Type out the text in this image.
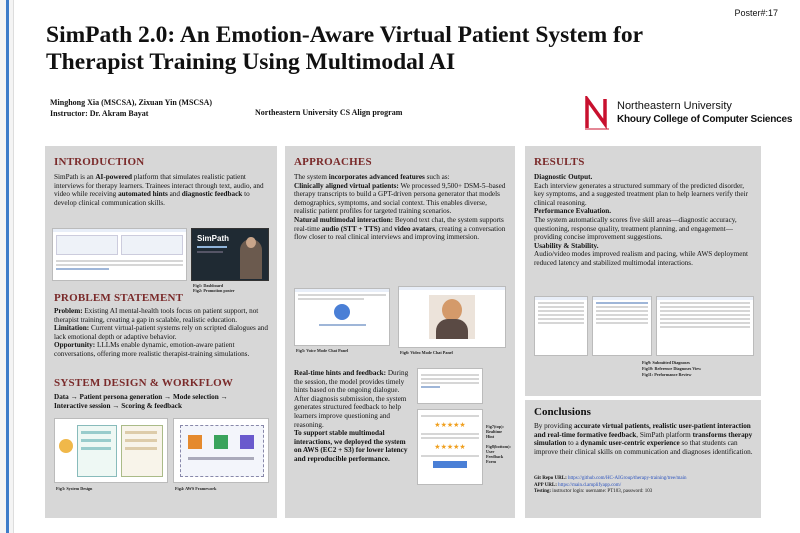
Poster#:17
SimPath 2.0: An Emotion-Aware Virtual Patient System for
Therapist Training Using Multimodal AI
Minghong Xia (MSCSA), Zixuan Yin (MSCSA)
Instructor: Dr. Akram Bayat	Northeastern University CS Align program
Northeastern University
Khoury College of Computer Sciences
INTRODUCTION
SimPath is an AI-powered platform that simulates realistic patient interviews for therapy learners. Trainees interact through text, audio, and video while receiving automated hints and diagnostic feedback to develop clinical communication skills.
SimPath
Fig1: Dashboard
Fig2: Promotion poster
PROBLEM STATEMENT
Problem: Existing AI mental-health tools focus on patient support, not therapist training, creating a gap in scalable, realistic education.
Limitation: Current virtual-patient systems rely on scripted dialogues and lack emotional depth or adaptive behavior.
Opportunity: LLLMs enable dynamic, emotion-aware patient conversations, offering more realistic therapist-training simulations.
SYSTEM DESIGN & WORKFLOW
Data → Patient persona generation → Mode selection →
Interactive session → Scoring & feedback
Fig3: System Design	Fig4: AWS Framework
APPROACHES
The system incorporates advanced features such as:
Clinically aligned virtual patients: We processed 9,500+ DSM-5–based therapy transcripts to build a GPT-driven persona generator that models demographics, symptoms, and social context. This enables diverse, realistic patient profiles for targeted training scenarios.
Natural multimodal interaction: Beyond text chat, the system supports real-time audio (STT + TTS) and video avatars, creating a conversation flow closer to real clinical interviews and improving immersion.
Fig5: Voice Mode Chat Panel	Fig6: Video Mode Chat Panel
Real-time hints and feedback: During the session, the model provides timely hints based on the ongoing dialogue. After diagnosis submission, the system generates structured feedback to help learners improve questioning and reasoning.
To support stable multimodal interactions, we deployed the system on AWS (EC2 + S3) for lower latency and reproducible performance.
★★★★★
★★★★★
Fig7(top): Realtime Hint
Fig8(bottom): User Feedback Form
RESULTS
Diagnostic Output.
Each interview generates a structured summary of the predicted disorder, key symptoms, and a suggested treatment plan to help learners verify their clinical reasoning.
Performance Evaluation.
The system automatically scores five skill areas—diagnostic accuracy, questioning, response quality, treatment planning, and engagement—providing concise improvement suggestions.
Usability & Stability.
Audio/video modes improved realism and pacing, while AWS deployment reduced latency and stabilized multimodal interactions.
Fig9: Submitted Diagnoses
Fig10: Reference Diagnoses View
Fig11: Performance Review
Conclusions
By providing accurate virtual patients, realistic user-patient interaction and real-time formative feedback, SimPath platform transforms therapy simulation to a dynamic user-centric experience so that students can improve their clinical skills on communication and diagnoses identification.
Git Repo URL: https://github.com/HC-AIGroup/therapy-training/tree/main
APP URL: https://main.d.amplifyapp.com/
Testing: instructor login: username: PT103, password: 103
